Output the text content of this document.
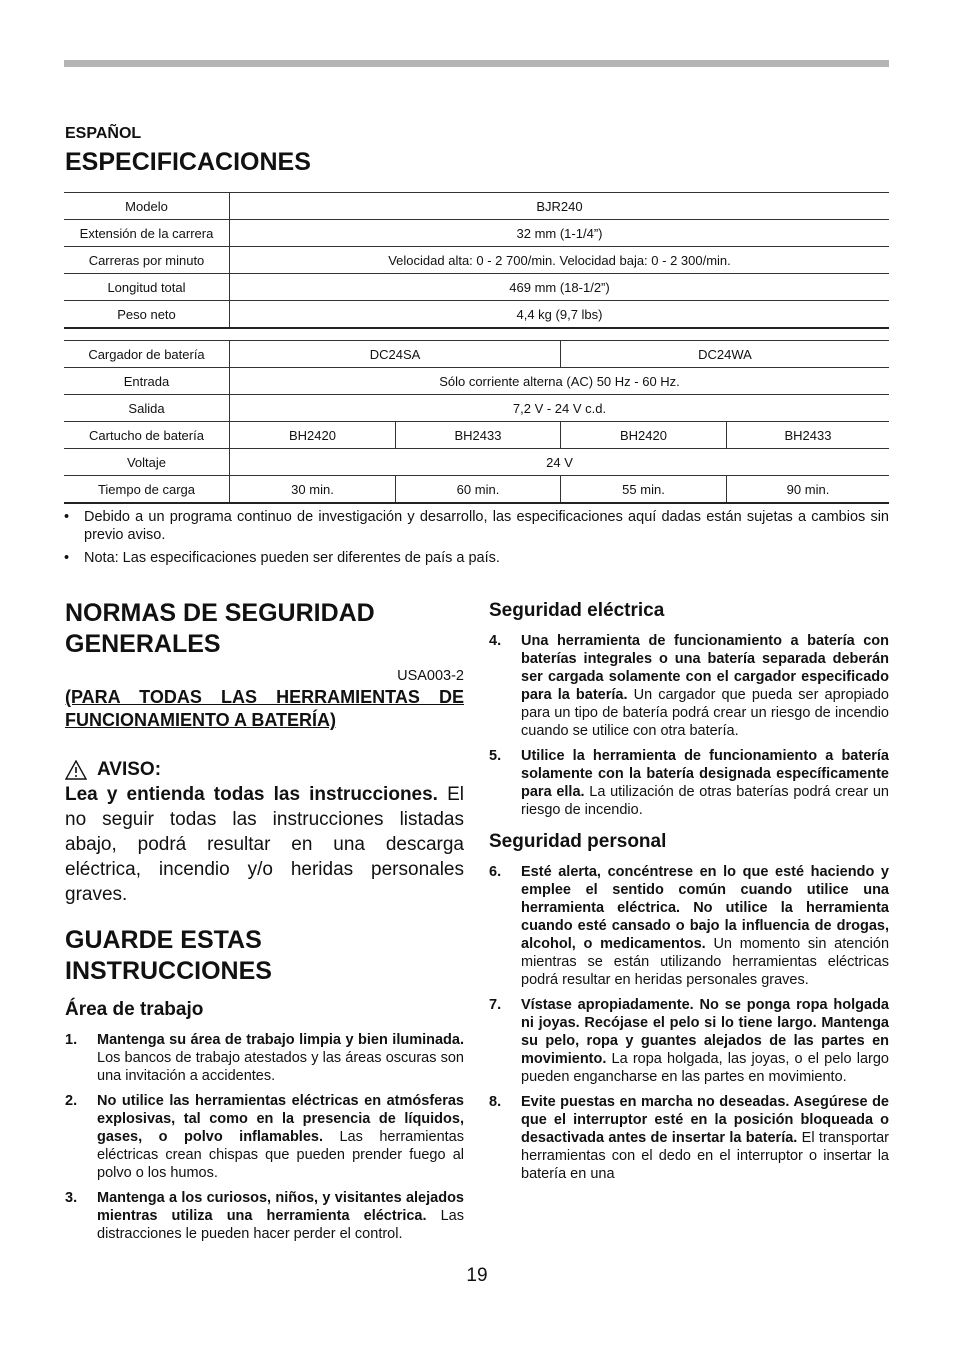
ESPAÑOL
ESPECIFICACIONES
Modelo	BJR240
Extensión de la carrera	32 mm (1-1/4”)
Carreras por minuto	Velocidad alta: 0 - 2 700/min. Velocidad baja: 0 - 2 300/min.
Longitud total	469 mm (18-1/2”)
Peso neto	4,4 kg (9,7 lbs)
Cargador de batería	DC24SA		DC24WA	
Entrada	Sólo corriente alterna (AC) 50 Hz - 60 Hz.			
Salida	7,2 V - 24 V c.d.			
Cartucho de batería	BH2420	BH2433	BH2420	BH2433
Voltaje	24 V			
Tiempo de carga	30 min.	60 min.	55 min.	90 min.
• Debido a un programa continuo de investigación y desarrollo, las especificaciones aquí dadas están sujetas a cambios sin previo aviso.
• Nota: Las especificaciones pueden ser diferentes de país a país.
NORMAS DE SEGURIDAD GENERALES
USA003-2
(PARA TODAS LAS HERRAMIENTAS DE FUNCIONAMIENTO A BATERÍA)
AVISO:
Lea y entienda todas las instrucciones. El no seguir todas las instrucciones listadas abajo, podrá resultar en una descarga eléctrica, incendio y/o heridas personales graves.
GUARDE ESTAS INSTRUCCIONES
Área de trabajo
1. Mantenga su área de trabajo limpia y bien iluminada. Los bancos de trabajo atestados y las áreas oscuras son una invitación a accidentes.
2. No utilice las herramientas eléctricas en atmósferas explosivas, tal como en la presencia de líquidos, gases, o polvo inflamables. Las herramientas eléctricas crean chispas que pueden prender fuego al polvo o los humos.
3. Mantenga a los curiosos, niños, y visitantes alejados mientras utiliza una herramienta eléctrica. Las distracciones le pueden hacer perder el control.
Seguridad eléctrica
4. Una herramienta de funcionamiento a batería con baterías integrales o una batería separada deberán ser cargada solamente con el cargador especificado para la batería. Un cargador que pueda ser apropiado para un tipo de batería podrá crear un riesgo de incendio cuando se utilice con otra batería.
5. Utilice la herramienta de funcionamiento a batería solamente con la batería designada específicamente para ella. La utilización de otras baterías podrá crear un riesgo de incendio.
Seguridad personal
6. Esté alerta, concéntrese en lo que esté haciendo y emplee el sentido común cuando utilice una herramienta eléctrica. No utilice la herramienta cuando esté cansado o bajo la influencia de drogas, alcohol, o medicamentos. Un momento sin atención mientras se están utilizando herramientas eléctricas podrá resultar en heridas personales graves.
7. Vístase apropiadamente. No se ponga ropa holgada ni joyas. Recójase el pelo si lo tiene largo. Mantenga su pelo, ropa y guantes alejados de las partes en movimiento. La ropa holgada, las joyas, o el pelo largo pueden engancharse en las partes en movimiento.
8. Evite puestas en marcha no deseadas. Asegúrese de que el interruptor esté en la posición bloqueada o desactivada antes de insertar la batería. El transportar herramientas con el dedo en el interruptor o insertar la batería en una
19
